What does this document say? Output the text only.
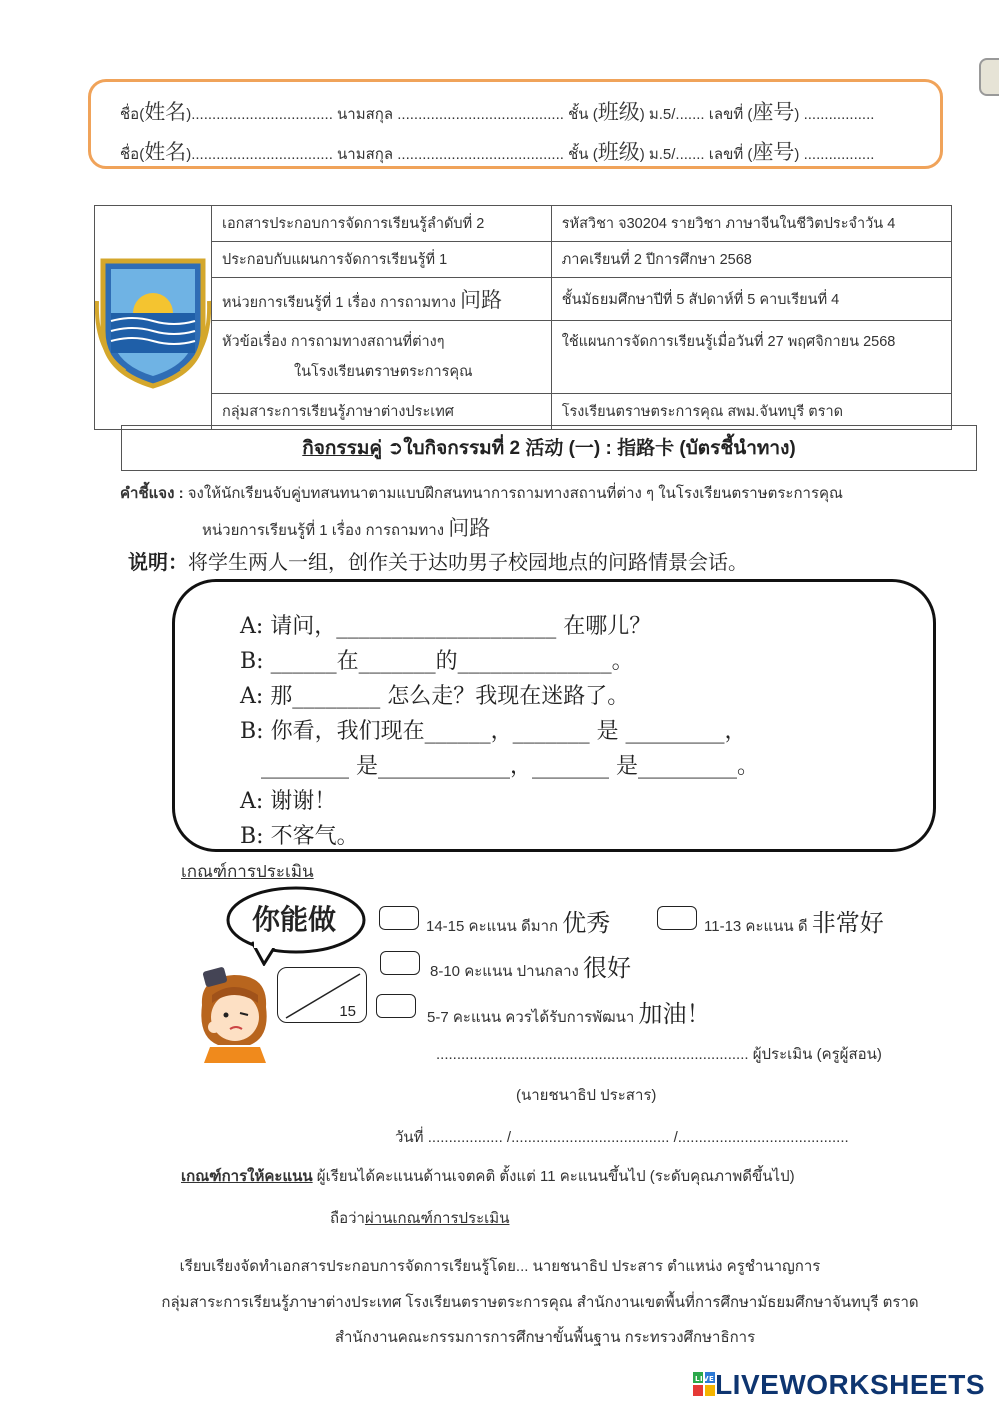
ชื่อ(姓名).................................. นามสกุล ........................................ ชั้น (班级) ม.5/....... เลขที่ (座号) .................
ชื่อ(姓名).................................. นามสกุล ........................................ ชั้น (班级) ม.5/....... เลขที่ (座号) .................
	เอกสารประกอบการจัดการเรียนรู้ลำดับที่ 2	รหัสวิชา จ30204 รายวิชา ภาษาจีนในชีวิตประจำวัน 4
	ประกอบกับแผนการจัดการเรียนรู้ที่ 1	ภาคเรียนที่ 2 ปีการศึกษา 2568
	หน่วยการเรียนรู้ที่ 1 เรื่อง การถามทาง 问路	ชั้นมัธยมศึกษาปีที่ 5 สัปดาห์ที่ 5 คาบเรียนที่ 4

	หัวข้อเรื่อง การถามทางสถานที่ต่างๆ
ในโรงเรียนตราษตระการคุณ	ใช้แผนการจัดการเรียนรู้เมื่อวันที่ 27 พฤศจิกายน 2568
	กลุ่มสาระการเรียนรู้ภาษาต่างประเทศ	โรงเรียนตราษตระการคุณ สพม.จันทบุรี ตราด
กิจกรรมคู่
➲ ใบกิจกรรมที่ 2 活动 (一) : 指路卡 (บัตรชี้นำทาง)
คำชี้แจง : จงให้นักเรียนจับคู่บทสนทนาตามแบบฝึกสนทนาการถามทางสถานที่ต่าง ๆ ในโรงเรียนตราษตระการคุณ
หน่วยการเรียนรู้ที่ 1 เรื่อง การถามทาง 问路
说明：将学生两人一组，创作关于达叻男子校园地点的问路情景会话。
A: 请问，____________________ 在哪儿？
B: ______在_______的______________。
A: 那________ 怎么走？我现在迷路了。
B: 你看，我们现在______，_______ 是 _________，
________ 是____________，_______ 是_________。
A: 谢谢！
B: 不客气。
เกณฑ์การประเมิน
你能做
15
14-15 คะแนน ดีมาก 优秀	11-13 คะแนน ดี 非常好
8-10 คะแนน ปานกลาง 很好
5-7 คะแนน ควรได้รับการพัฒนา 加油！
........................................................................... ผู้ประเมิน (ครูผู้สอน)
(นายชนาธิป ประสาร)
วันที่ .................. /...................................... /.........................................
เกณฑ์การให้คะแนน ผู้เรียนได้คะแนนด้านเจตคติ ตั้งแต่ 11 คะแนนขึ้นไป (ระดับคุณภาพดีขึ้นไป)
ถือว่าผ่านเกณฑ์การประเมิน
เรียบเรียงจัดทำเอกสารประกอบการจัดการเรียนรู้โดย... นายชนาธิป ประสาร ตำแหน่ง ครูชำนาญการ
กลุ่มสาระการเรียนรู้ภาษาต่างประเทศ โรงเรียนตราษตระการคุณ สำนักงานเขตพื้นที่การศึกษามัธยมศึกษาจันทบุรี ตราด
สำนักงานคณะกรรมการการศึกษาขั้นพื้นฐาน กระทรวงศึกษาธิการ
LIVE LIVEWORKSHEETS
